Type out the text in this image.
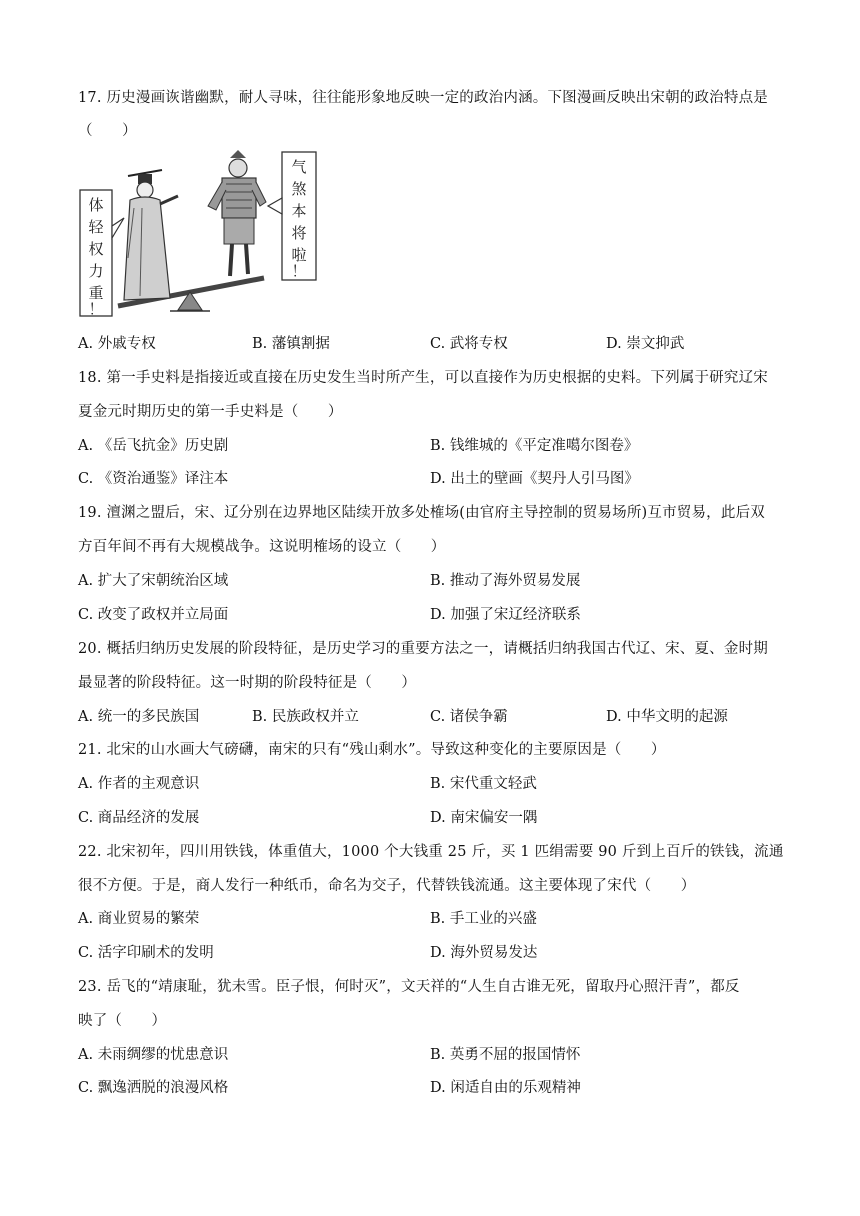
17. 历史漫画诙谐幽默，耐人寻味，往往能形象地反映一定的政治内涵。下图漫画反映出宋朝的政治特点是
（　　）
体
轻
权
力
重
！
气
煞
本
将
啦
！
A. 外戚专权	B. 藩镇割据	C. 武将专权	D. 崇文抑武
18. 第一手史料是指接近或直接在历史发生当时所产生，可以直接作为历史根据的史料。下列属于研究辽宋
夏金元时期历史的第一手史料是（　　）
A. 《岳飞抗金》历史剧	B. 钱维城的《平定准噶尔图卷》
C. 《资治通鉴》译注本	D. 出土的壁画《契丹人引马图》
19. 澶渊之盟后，宋、辽分别在边界地区陆续开放多处榷场(由官府主导控制的贸易场所)互市贸易，此后双
方百年间不再有大规模战争。这说明榷场的设立（　　）
A. 扩大了宋朝统治区域	B. 推动了海外贸易发展
C. 改变了政权并立局面	D. 加强了宋辽经济联系
20. 概括归纳历史发展的阶段特征，是历史学习的重要方法之一，请概括归纳我国古代辽、宋、夏、金时期
最显著的阶段特征。这一时期的阶段特征是（　　）
A. 统一的多民族国	B. 民族政权并立	C. 诸侯争霸	D. 中华文明的起源
21. 北宋的山水画大气磅礴，南宋的只有“残山剩水”。导致这种变化的主要原因是（　　）
A. 作者的主观意识	B. 宋代重文轻武
C. 商品经济的发展	D. 南宋偏安一隅
22. 北宋初年，四川用铁钱，体重值大，1000 个大钱重 25 斤，买 1 匹绢需要 90 斤到上百斤的铁钱，流通
很不方便。于是，商人发行一种纸币，命名为交子，代替铁钱流通。这主要体现了宋代（　　）
A. 商业贸易的繁荣	B. 手工业的兴盛
C. 活字印刷术的发明	D. 海外贸易发达
23. 岳飞的“靖康耻，犹未雪。臣子恨，何时灭”，文天祥的“人生自古谁无死，留取丹心照汗青”，都反
映了（　　）
A. 未雨绸缪的忧患意识	B. 英勇不屈的报国情怀
C. 飘逸洒脱的浪漫风格	D. 闲适自由的乐观精神
